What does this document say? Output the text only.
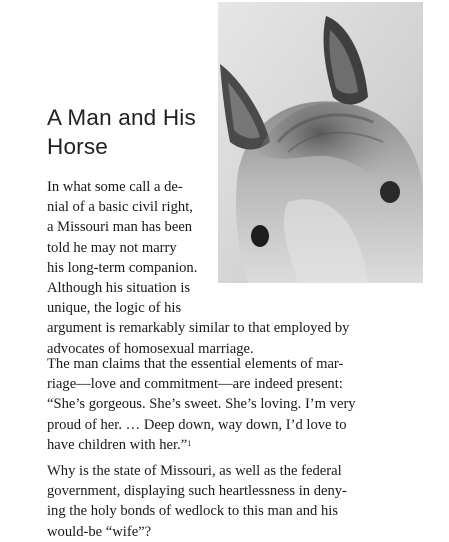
A Man and His
Horse
In what some call a de-
nial of a basic civil right,
a Missouri man has been
told he may not marry
his long-term companion.
Although his situation is
unique, the logic of his
argument is remarkably similar to that employed by
advocates of homosexual marriage.
The man claims that the essential elements of mar-
riage—love and commitment—are indeed present:
“She’s gorgeous. She’s sweet. She’s loving. I’m very
proud of her. … Deep down, way down, I’d love to
have children with her.”$^1$
Why is the state of Missouri, as well as the federal
government, displaying such heartlessness in deny-
ing the holy bonds of wedlock to this man and his
would-be “wife”?
